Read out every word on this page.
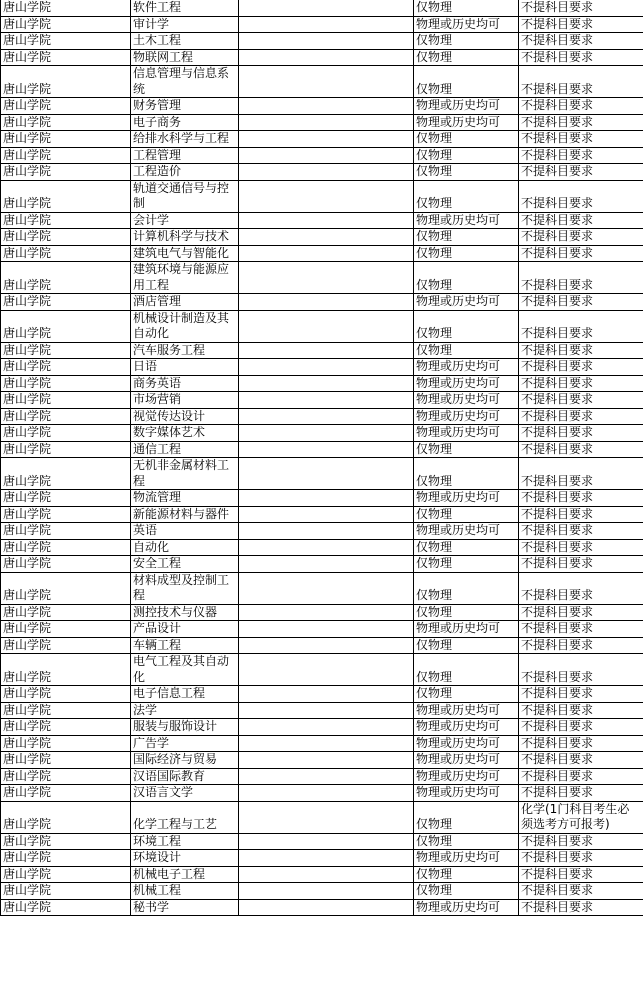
唐山学院	软件工程		仅物理	不提科目要求
唐山学院	审计学		物理或历史均可	不提科目要求
唐山学院	土木工程		仅物理	不提科目要求
唐山学院	物联网工程		仅物理	不提科目要求
唐山学院	信息管理与信息系统		仅物理	不提科目要求
唐山学院	财务管理		物理或历史均可	不提科目要求
唐山学院	电子商务		物理或历史均可	不提科目要求
唐山学院	给排水科学与工程		仅物理	不提科目要求
唐山学院	工程管理		仅物理	不提科目要求
唐山学院	工程造价		仅物理	不提科目要求
唐山学院	轨道交通信号与控制		仅物理	不提科目要求
唐山学院	会计学		物理或历史均可	不提科目要求
唐山学院	计算机科学与技术		仅物理	不提科目要求
唐山学院	建筑电气与智能化		仅物理	不提科目要求
唐山学院	建筑环境与能源应用工程		仅物理	不提科目要求
唐山学院	酒店管理		物理或历史均可	不提科目要求
唐山学院	机械设计制造及其自动化		仅物理	不提科目要求
唐山学院	汽车服务工程		仅物理	不提科目要求
唐山学院	日语		物理或历史均可	不提科目要求
唐山学院	商务英语		物理或历史均可	不提科目要求
唐山学院	市场营销		物理或历史均可	不提科目要求
唐山学院	视觉传达设计		物理或历史均可	不提科目要求
唐山学院	数字媒体艺术		物理或历史均可	不提科目要求
唐山学院	通信工程		仅物理	不提科目要求
唐山学院	无机非金属材料工程		仅物理	不提科目要求
唐山学院	物流管理		物理或历史均可	不提科目要求
唐山学院	新能源材料与器件		仅物理	不提科目要求
唐山学院	英语		物理或历史均可	不提科目要求
唐山学院	自动化		仅物理	不提科目要求
唐山学院	安全工程		仅物理	不提科目要求
唐山学院	材料成型及控制工程		仅物理	不提科目要求
唐山学院	测控技术与仪器		仅物理	不提科目要求
唐山学院	产品设计		物理或历史均可	不提科目要求
唐山学院	车辆工程		仅物理	不提科目要求
唐山学院	电气工程及其自动化		仅物理	不提科目要求
唐山学院	电子信息工程		仅物理	不提科目要求
唐山学院	法学		物理或历史均可	不提科目要求
唐山学院	服装与服饰设计		物理或历史均可	不提科目要求
唐山学院	广告学		物理或历史均可	不提科目要求
唐山学院	国际经济与贸易		物理或历史均可	不提科目要求
唐山学院	汉语国际教育		物理或历史均可	不提科目要求
唐山学院	汉语言文学		物理或历史均可	不提科目要求
唐山学院	化学工程与工艺		仅物理	化学(1门科目考生必须选考方可报考)
唐山学院	环境工程		仅物理	不提科目要求
唐山学院	环境设计		物理或历史均可	不提科目要求
唐山学院	机械电子工程		仅物理	不提科目要求
唐山学院	机械工程		仅物理	不提科目要求
唐山学院	秘书学		物理或历史均可	不提科目要求
